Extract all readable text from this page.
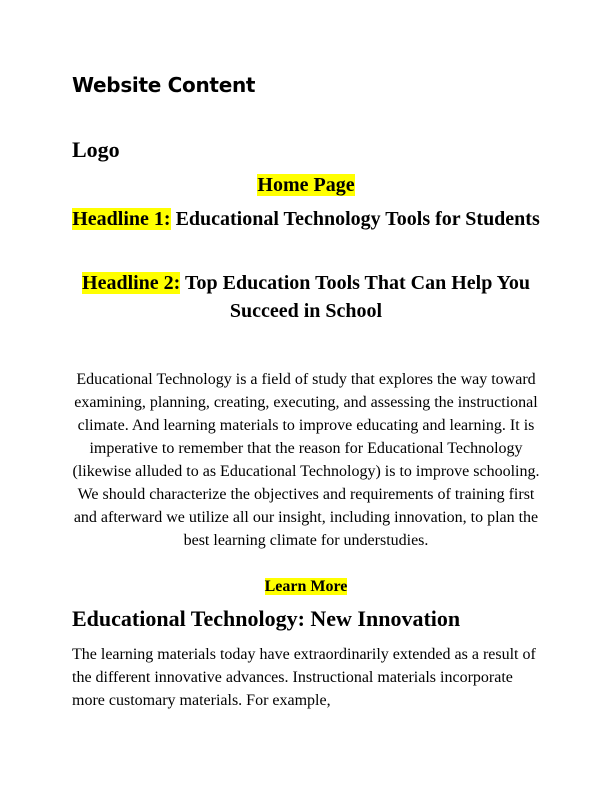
Website Content
Logo
Home Page
Headline 1: Educational Technology Tools for Students
Headline 2: Top Education Tools That Can Help You Succeed in School

Educational Technology is a field of study that explores the way toward examining, planning, creating, executing, and assessing the instructional climate. And learning materials to improve educating and learning. It is imperative to remember that the reason for Educational Technology (likewise alluded to as Educational Technology) is to improve schooling. We should characterize the objectives and requirements of training first and afterward we utilize all our insight, including innovation, to plan the best learning climate for understudies.

Learn More
Educational Technology: New Innovation

The learning materials today have extraordinarily extended as a result of the different innovative advances. Instructional materials incorporate more customary materials. For example,
